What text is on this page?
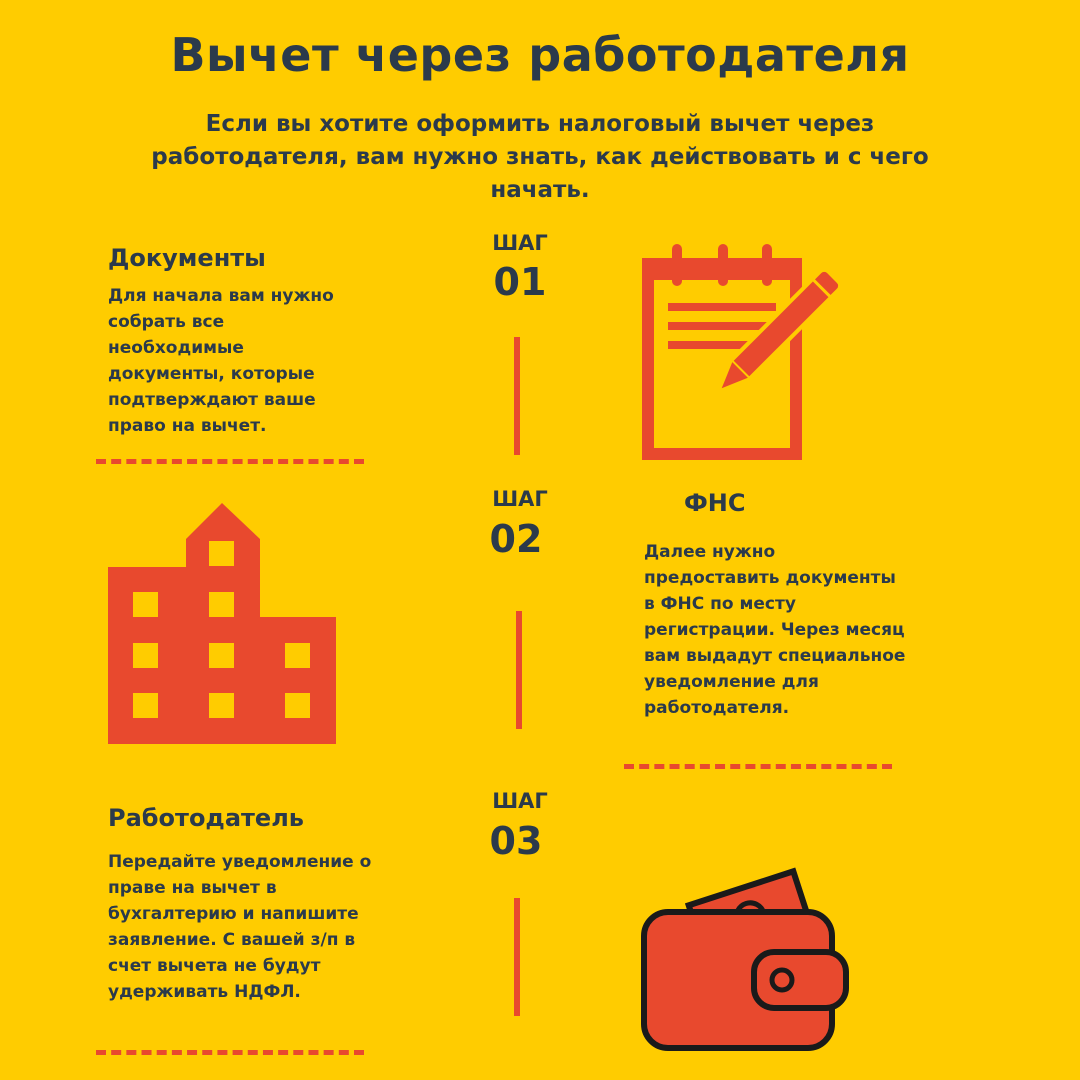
Вычет через работодателя
Если вы хотите оформить налоговый вычет через работодателя, вам нужно знать, как действовать и с чего начать.
Документы
Для начала вам нужно собрать все необходимые документы, которые подтверждают ваше право на вычет.
ШАГ
01
ШАГ
02
ФНС
Далее нужно предоставить документы в ФНС по месту регистрации. Через месяц вам выдадут специальное уведомление для работодателя.
Работодатель
Передайте уведомление о праве на вычет в бухгалтерию и напишите заявление. С вашей з/п в счет вычета не будут удерживать НДФЛ.
ШАГ
03
